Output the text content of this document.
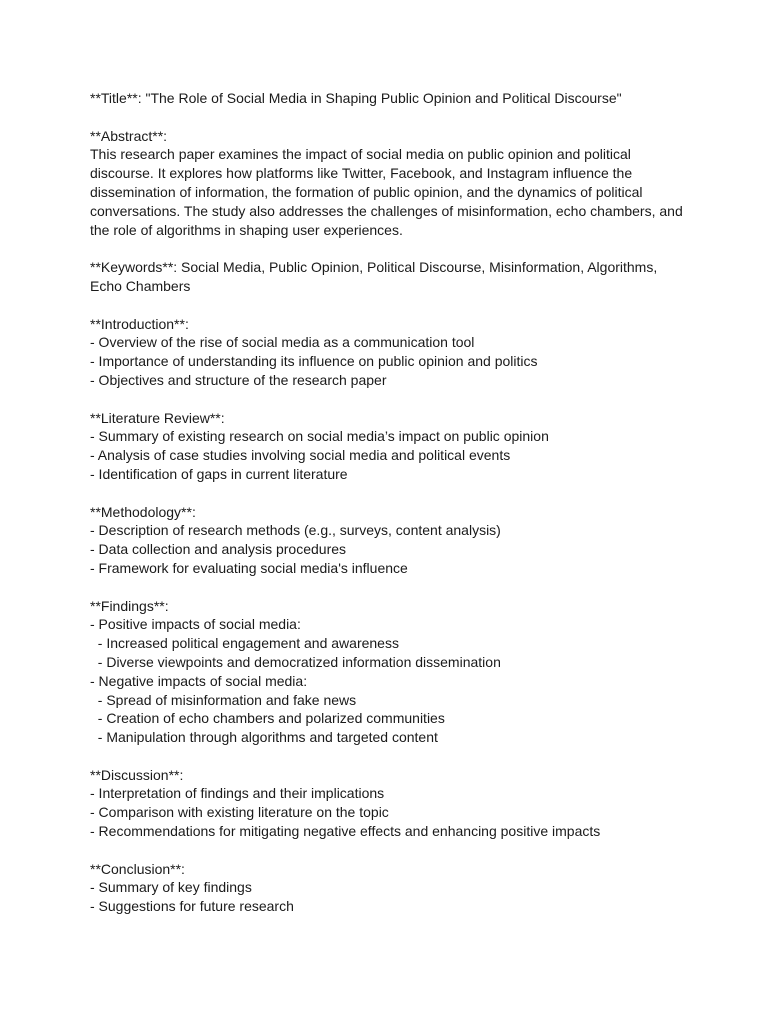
**Title**: "The Role of Social Media in Shaping Public Opinion and Political Discourse"
**Abstract**:
This research paper examines the impact of social media on public opinion and political
discourse. It explores how platforms like Twitter, Facebook, and Instagram influence the
dissemination of information, the formation of public opinion, and the dynamics of political
conversations. The study also addresses the challenges of misinformation, echo chambers, and
the role of algorithms in shaping user experiences.
**Keywords**: Social Media, Public Opinion, Political Discourse, Misinformation, Algorithms,
Echo Chambers
**Introduction**:
- Overview of the rise of social media as a communication tool
- Importance of understanding its influence on public opinion and politics
- Objectives and structure of the research paper
**Literature Review**:
- Summary of existing research on social media’s impact on public opinion
- Analysis of case studies involving social media and political events
- Identification of gaps in current literature
**Methodology**:
- Description of research methods (e.g., surveys, content analysis)
- Data collection and analysis procedures
- Framework for evaluating social media's influence
**Findings**:
- Positive impacts of social media:
- Increased political engagement and awareness
- Diverse viewpoints and democratized information dissemination
- Negative impacts of social media:
- Spread of misinformation and fake news
- Creation of echo chambers and polarized communities
- Manipulation through algorithms and targeted content
**Discussion**:
- Interpretation of findings and their implications
- Comparison with existing literature on the topic
- Recommendations for mitigating negative effects and enhancing positive impacts
**Conclusion**:
- Summary of key findings
- Suggestions for future research
